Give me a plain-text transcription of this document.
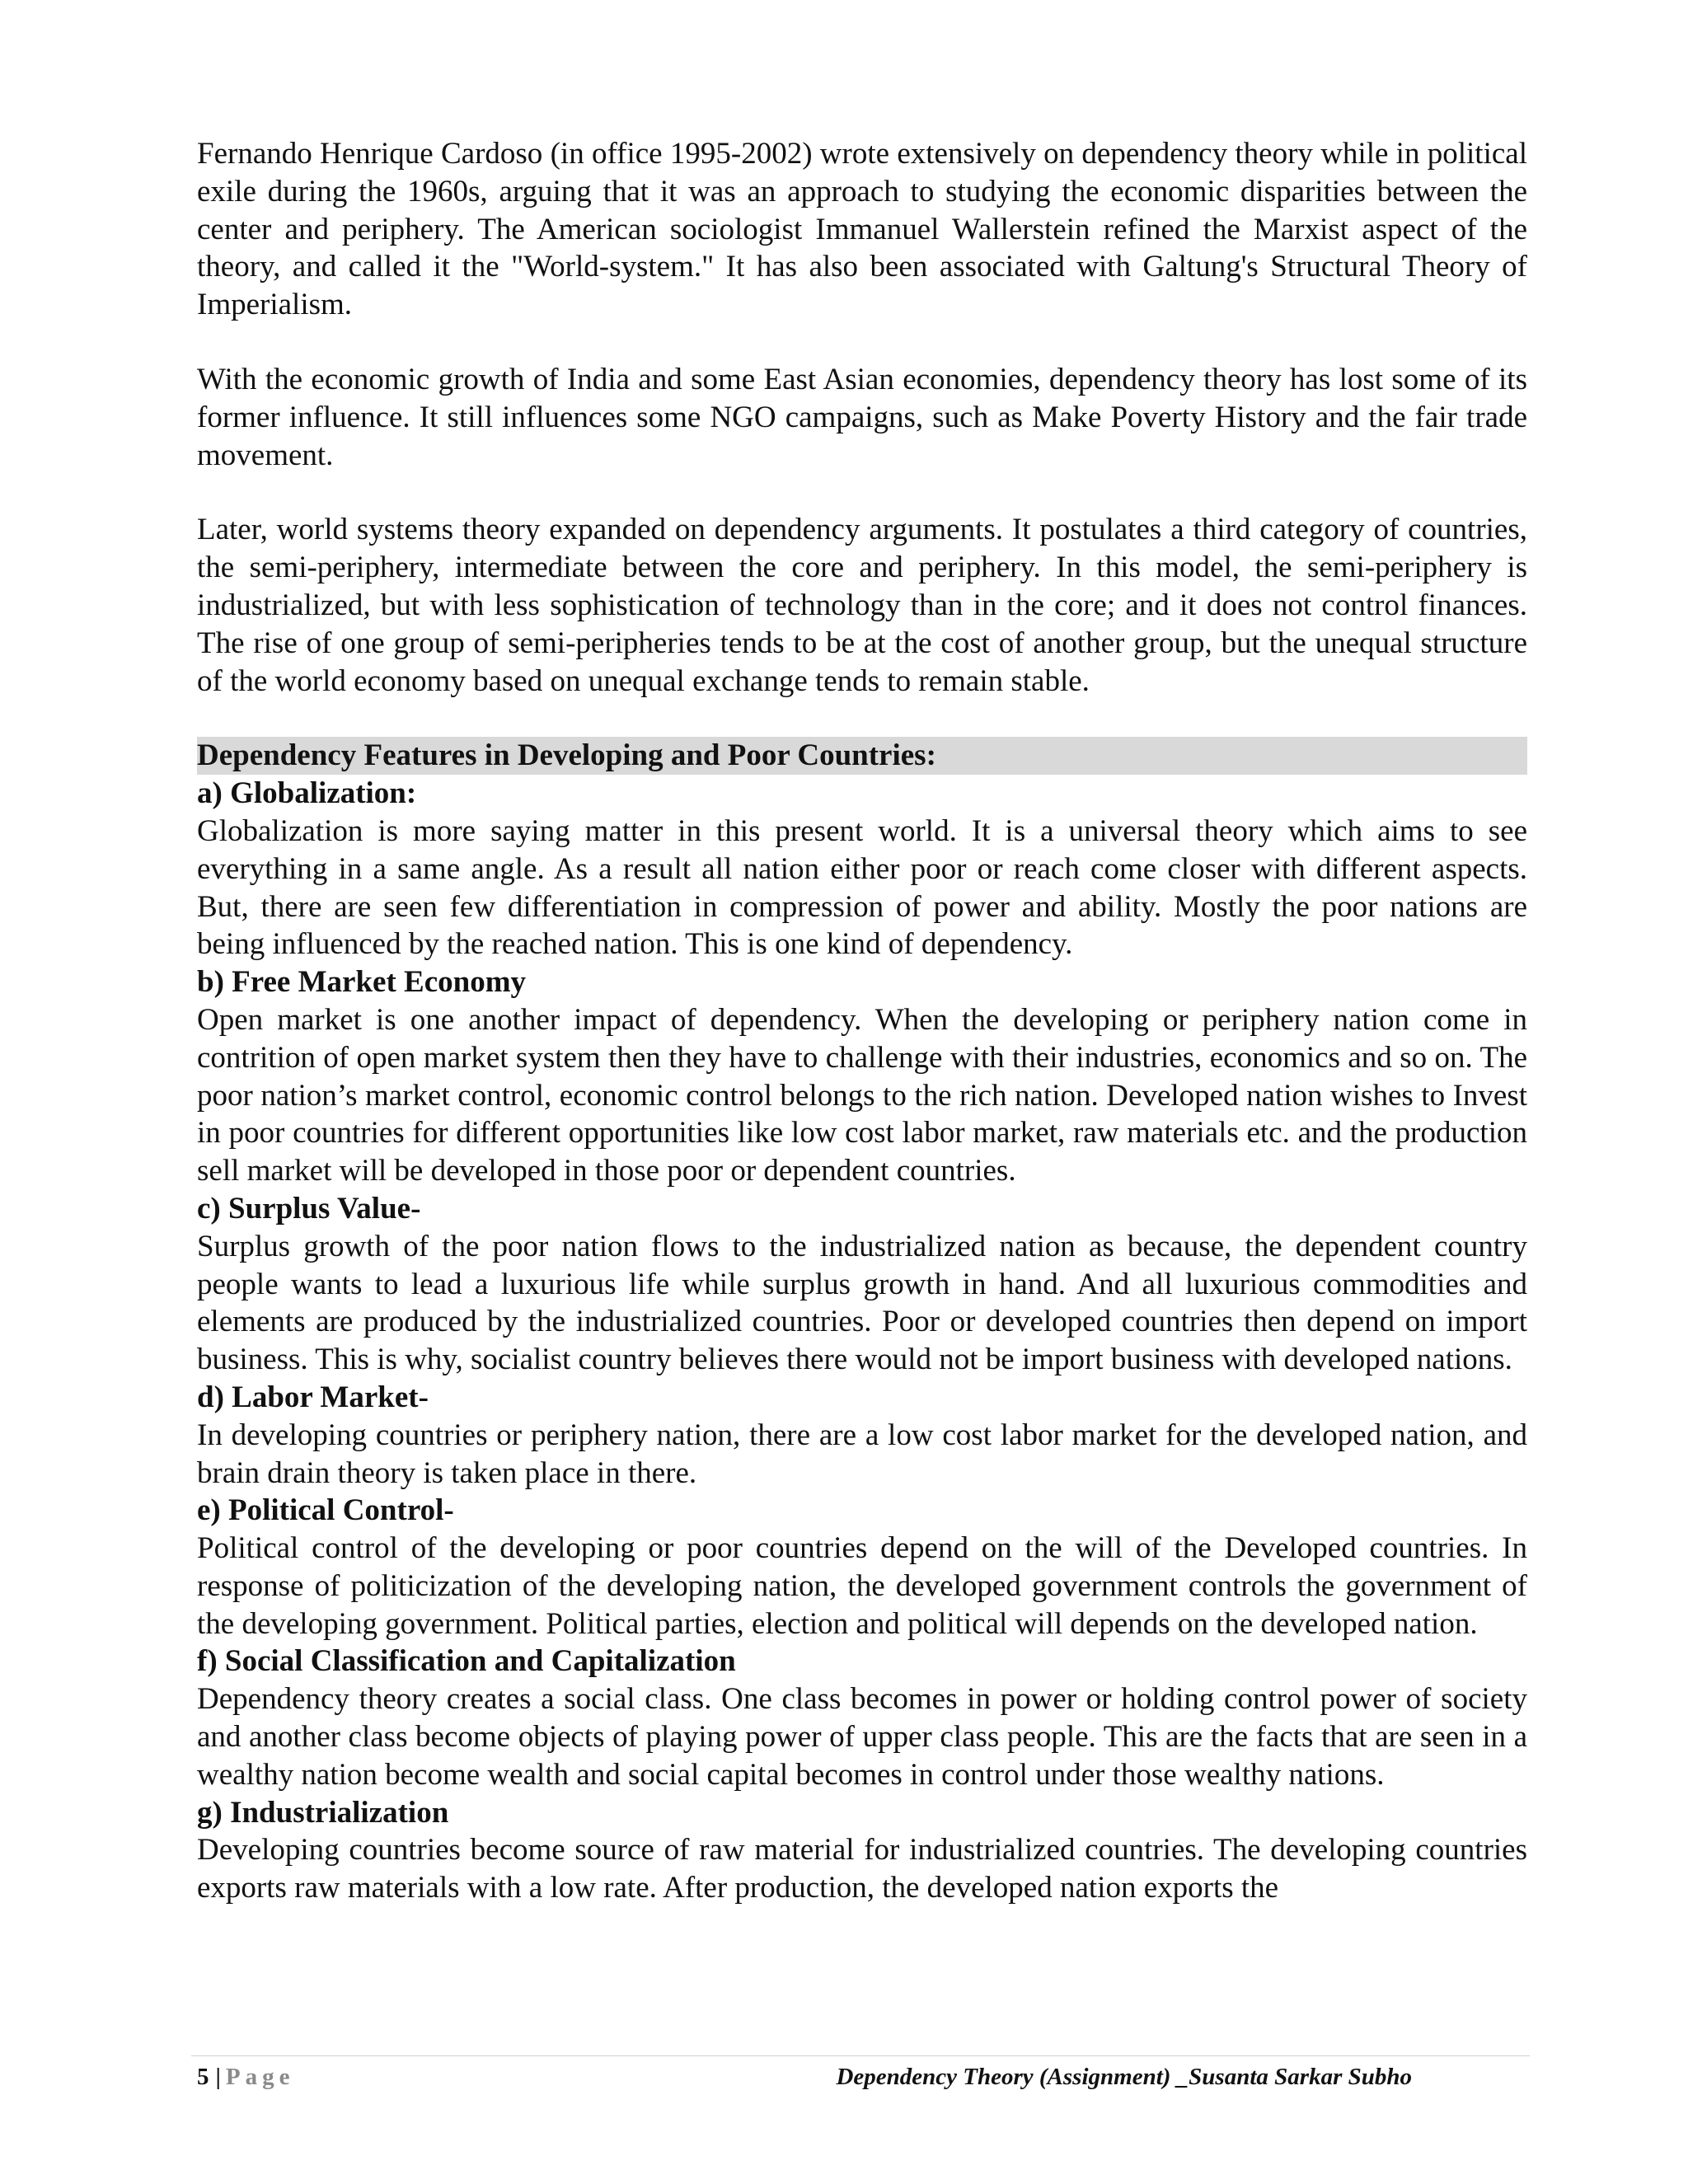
Fernando Henrique Cardoso (in office 1995-2002) wrote extensively on dependency theory while in political exile during the 1960s, arguing that it was an approach to studying the economic disparities between the center and periphery. The American sociologist Immanuel Wallerstein refined the Marxist aspect of the theory, and called it the "World-system." It has also been associated with Galtung's Structural Theory of Imperialism.

With the economic growth of India and some East Asian economies, dependency theory has lost some of its former influence. It still influences some NGO campaigns, such as Make Poverty History and the fair trade movement.

Later, world systems theory expanded on dependency arguments. It postulates a third category of countries, the semi-periphery, intermediate between the core and periphery. In this model, the semi-periphery is industrialized, but with less sophistication of technology than in the core; and it does not control finances. The rise of one group of semi-peripheries tends to be at the cost of another group, but the unequal structure of the world economy based on unequal exchange tends to remain stable.

Dependency Features in Developing and Poor Countries:
a) Globalization:

Globalization is more saying matter in this present world. It is a universal theory which aims to see everything in a same angle. As a result all nation either poor or reach come closer with different aspects. But, there are seen few differentiation in compression of power and ability. Mostly the poor nations are being influenced by the reached nation. This is one kind of dependency.

b) Free Market Economy

Open market is one another impact of dependency. When the developing or periphery nation come in contrition of open market system then they have to challenge with their industries, economics and so on. The poor nation’s market control, economic control belongs to the rich nation. Developed nation wishes to Invest in poor countries for different opportunities like low cost labor market, raw materials etc. and the production sell market will be developed in those poor or dependent countries.

c) Surplus Value-

Surplus growth of the poor nation flows to the industrialized nation as because, the dependent country people wants to lead a luxurious life while surplus growth in hand. And all luxurious commodities and elements are produced by the industrialized countries. Poor or developed countries then depend on import business. This is why, socialist country believes there would not be import business with developed nations.

d) Labor Market-

In developing countries or periphery nation, there are a low cost labor market for the developed nation, and brain drain theory is taken place in there.

e) Political Control-

Political control of the developing or poor countries depend on the will of the Developed countries. In response of politicization of the developing nation, the developed government controls the government of the developing government. Political parties, election and political will depends on the developed nation.

f) Social Classification and Capitalization

Dependency theory creates a social class. One class becomes in power or holding control power of society and another class become objects of playing power of upper class people. This are the facts that are seen in a wealthy nation become wealth and social capital becomes in control under those wealthy nations.

g) Industrialization

Developing countries become source of raw material for industrialized countries. The developing countries exports raw materials with a low rate. After production, the developed nation exports the

5 | Page	Dependency Theory (Assignment) _Susanta Sarkar Subho
